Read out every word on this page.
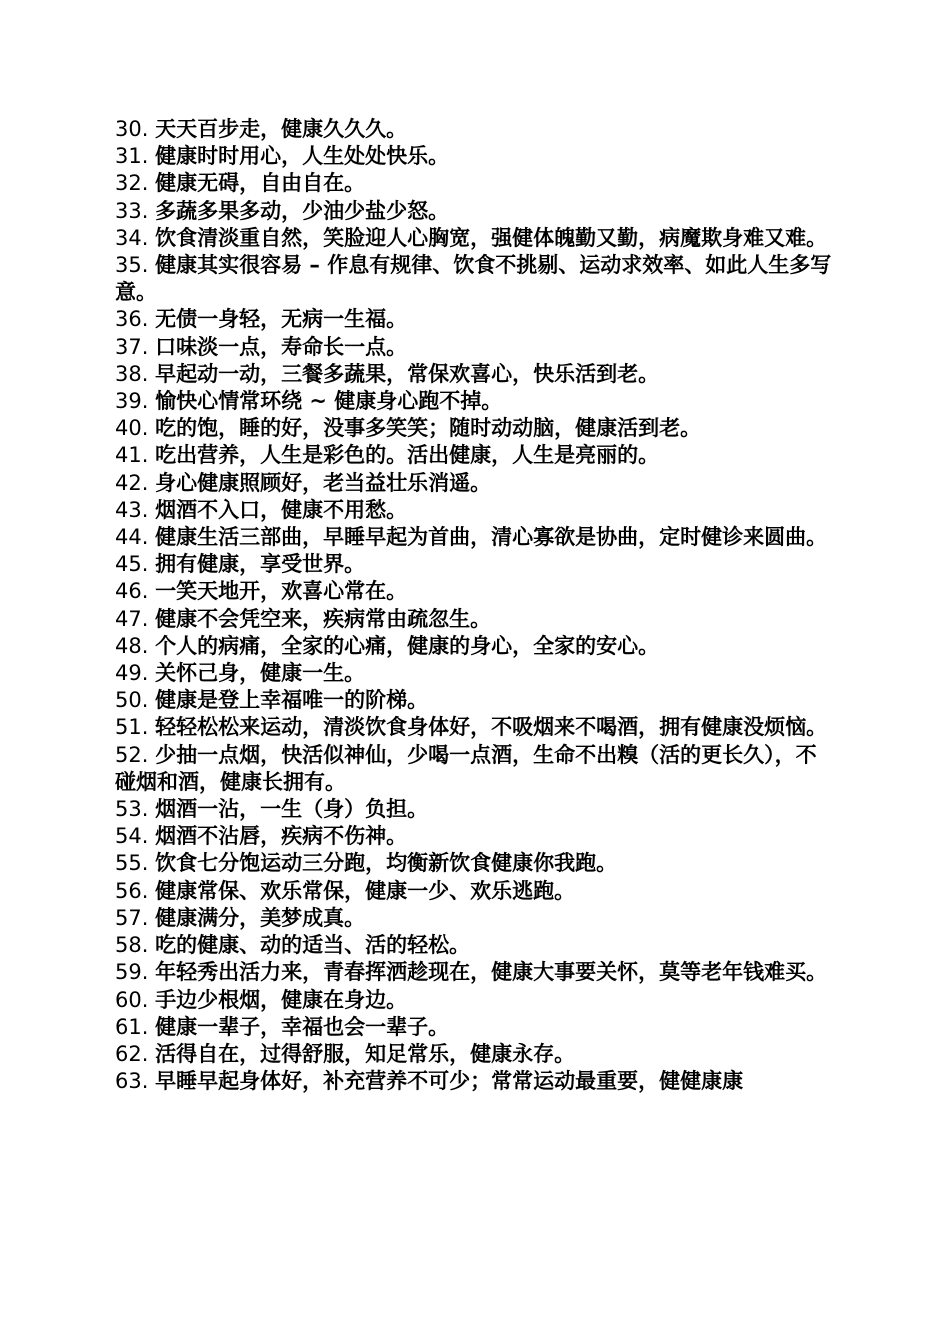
30. 天天百步走，健康久久久。
31. 健康时时用心，人生处处快乐。
32. 健康无碍，自由自在。
33. 多蔬多果多动，少油少盐少怒。
34. 饮食清淡重自然，笑脸迎人心胸宽，强健体魄勤又勤，病魔欺身难又难。
35. 健康其实很容易 – 作息有规律、饮食不挑剔、运动求效率、如此人生多写意。
36. 无债一身轻，无病一生福。
37. 口味淡一点，寿命长一点。
38. 早起动一动，三餐多蔬果，常保欢喜心，快乐活到老。
39. 愉快心情常环绕 ~ 健康身心跑不掉。
40. 吃的饱，睡的好，没事多笑笑；随时动动脑，健康活到老。
41. 吃出营养，人生是彩色的。活出健康，人生是亮丽的。
42. 身心健康照顾好，老当益壮乐消遥。
43. 烟酒不入口，健康不用愁。
44. 健康生活三部曲，早睡早起为首曲，清心寡欲是协曲，定时健诊来圆曲。
45. 拥有健康，享受世界。
46. 一笑天地开，欢喜心常在。
47. 健康不会凭空来，疾病常由疏忽生。
48. 个人的病痛，全家的心痛，健康的身心，全家的安心。
49. 关怀己身，健康一生。
50. 健康是登上幸福唯一的阶梯。
51. 轻轻松松来运动，清淡饮食身体好，不吸烟来不喝酒，拥有健康没烦恼。
52. 少抽一点烟，快活似神仙，少喝一点酒，生命不出糗（活的更长久），不碰烟和酒，健康长拥有。
53. 烟酒一沾，一生（身）负担。
54. 烟酒不沾唇，疾病不伤神。
55. 饮食七分饱运动三分跑，均衡新饮食健康你我跑。
56. 健康常保、欢乐常保，健康一少、欢乐逃跑。
57. 健康满分，美梦成真。
58. 吃的健康、动的适当、活的轻松。
59. 年轻秀出活力来，青春挥洒趁现在，健康大事要关怀，莫等老年钱难买。
60. 手边少根烟，健康在身边。
61. 健康一辈子，幸福也会一辈子。
62. 活得自在，过得舒服，知足常乐，健康永存。
63. 早睡早起身体好，补充营养不可少；常常运动最重要，健健康康
